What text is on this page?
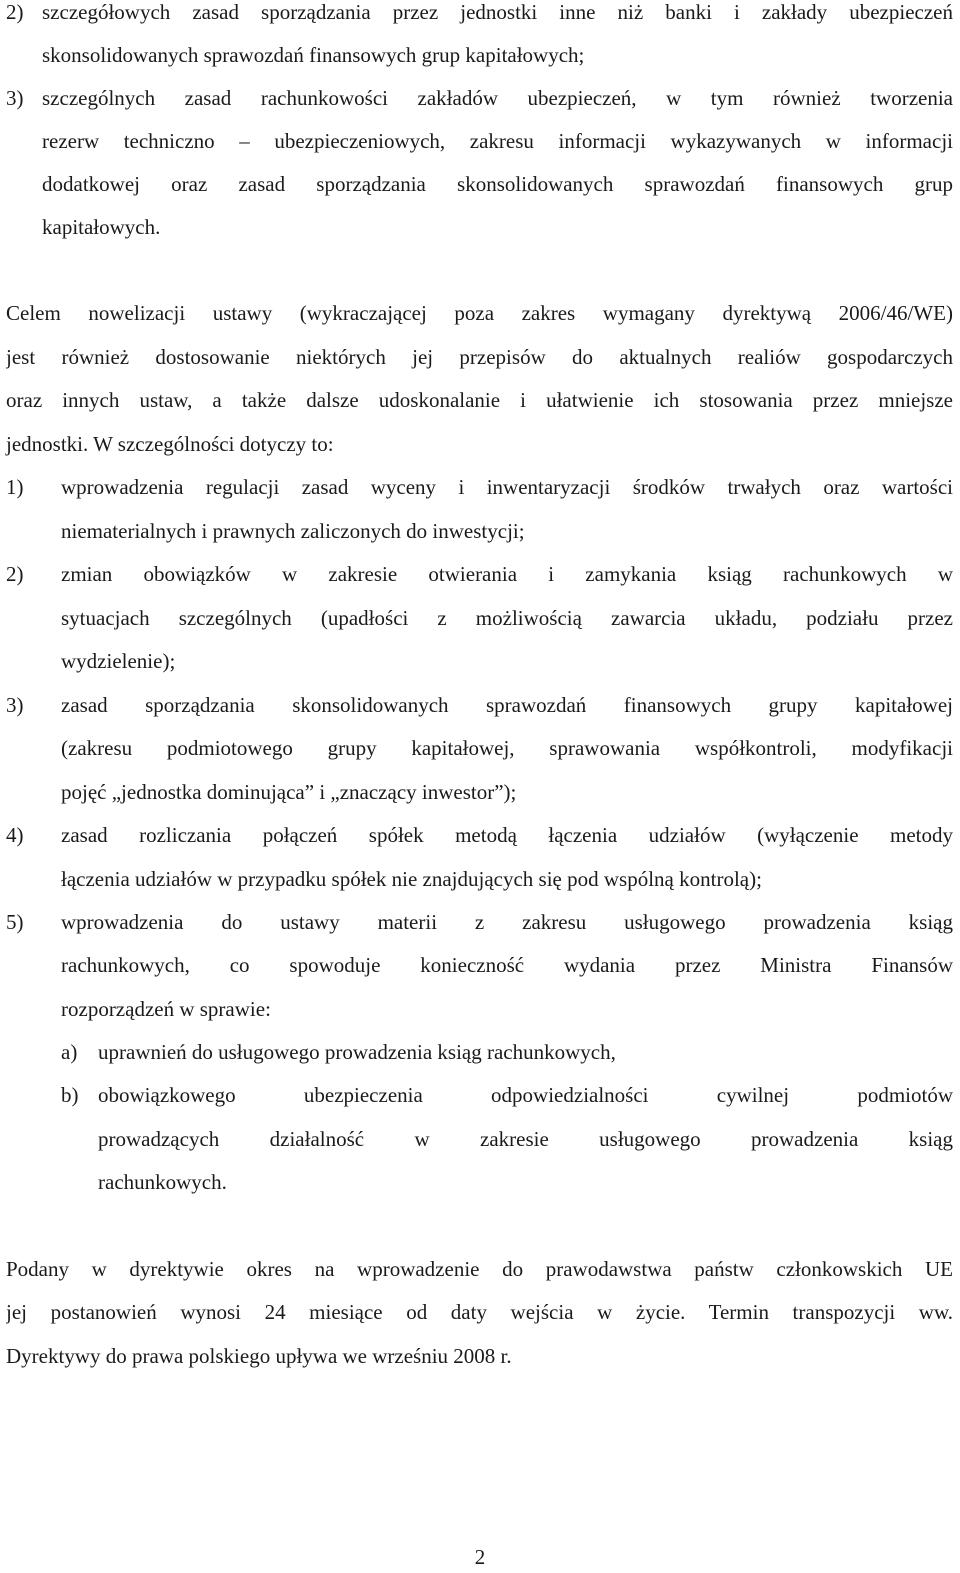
2) szczegółowych zasad sporządzania przez jednostki inne niż banki i zakłady ubezpieczeń
skonsolidowanych sprawozdań finansowych grup kapitałowych;
3) szczególnych zasad rachunkowości zakładów ubezpieczeń, w tym również tworzenia
rezerw techniczno – ubezpieczeniowych, zakresu informacji wykazywanych w informacji
dodatkowej oraz zasad sporządzania skonsolidowanych sprawozdań finansowych grup
kapitałowych.
Celem nowelizacji ustawy (wykraczającej poza zakres wymagany dyrektywą 2006/46/WE)
jest również dostosowanie niektórych jej przepisów do aktualnych realiów gospodarczych
oraz innych ustaw, a także dalsze udoskonalanie i ułatwienie ich stosowania przez mniejsze
jednostki. W szczególności dotyczy to:
1) wprowadzenia regulacji zasad wyceny i inwentaryzacji środków trwałych oraz wartości
niematerialnych i prawnych zaliczonych do inwestycji;
2) zmian obowiązków w zakresie otwierania i zamykania ksiąg rachunkowych w
sytuacjach szczególnych (upadłości z możliwością zawarcia układu, podziału przez
wydzielenie);
3) zasad sporządzania skonsolidowanych sprawozdań finansowych grupy kapitałowej
(zakresu podmiotowego grupy kapitałowej, sprawowania współkontroli, modyfikacji
pojęć „jednostka dominująca” i „znaczący inwestor”);
4) zasad rozliczania połączeń spółek metodą łączenia udziałów (wyłączenie metody
łączenia udziałów w przypadku spółek nie znajdujących się pod wspólną kontrolą);
5) wprowadzenia do ustawy materii z zakresu usługowego prowadzenia ksiąg
rachunkowych, co spowoduje konieczność wydania przez Ministra Finansów
rozporządzeń w sprawie:
a) uprawnień do usługowego prowadzenia ksiąg rachunkowych,
b) obowiązkowego ubezpieczenia odpowiedzialności cywilnej podmiotów
prowadzących działalność w zakresie usługowego prowadzenia ksiąg
rachunkowych.
Podany w dyrektywie okres na wprowadzenie do prawodawstwa państw członkowskich UE
jej postanowień wynosi 24 miesiące od daty wejścia w życie. Termin transpozycji ww.
Dyrektywy do prawa polskiego upływa we wrześniu 2008 r.
2
